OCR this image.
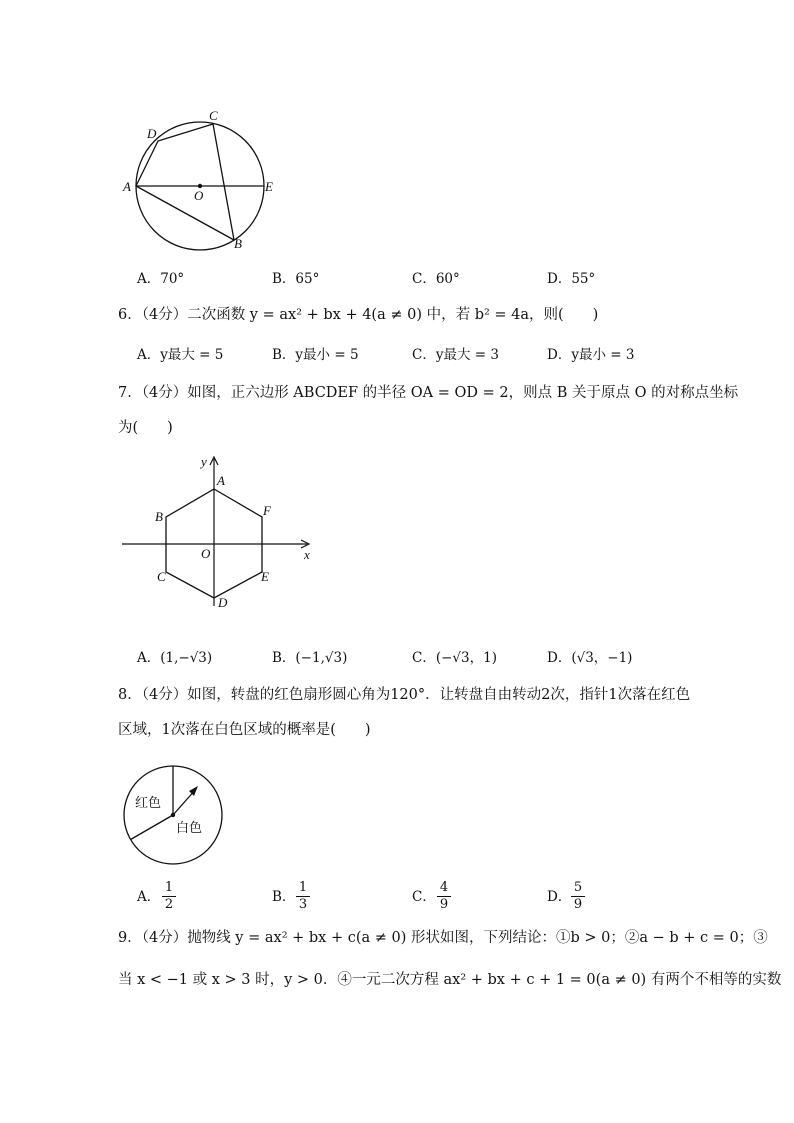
C
D
A
O
E
B
A．70°	B．65°	C．60°	D．55°
6．（4分）二次函数 y = ax² + bx + 4(a ≠ 0) 中，若 b² = 4a，则(　　)
A．y最大 = 5	B．y最小 = 5	C．y最大 = 3	D．y最小 = 3
7．（4分）如图，正六边形 ABCDEF 的半径 OA = OD = 2，则点 B 关于原点 O 的对称点坐标
为(　　)
y
A
B	F
O	x
C	E
D
A．(1,−√3)	B．(−1,√3)	C．(−√3，1)	D．(√3，−1)
8．（4分）如图，转盘的红色扇形圆心角为120°．让转盘自由转动2次，指针1次落在红色
区域，1次落在白色区域的概率是(　　)
红色
白色
A． $\frac{1}{2}$	B． $\frac{1}{3}$	C． $\frac{4}{9}$	D． $\frac{5}{9}$
9．（4分）抛物线 y = ax² + bx + c(a ≠ 0) 形状如图，下列结论：①b > 0；②a − b + c = 0；③
当 x < −1 或 x > 3 时，y > 0．④一元二次方程 ax² + bx + c + 1 = 0(a ≠ 0) 有两个不相等的实数
